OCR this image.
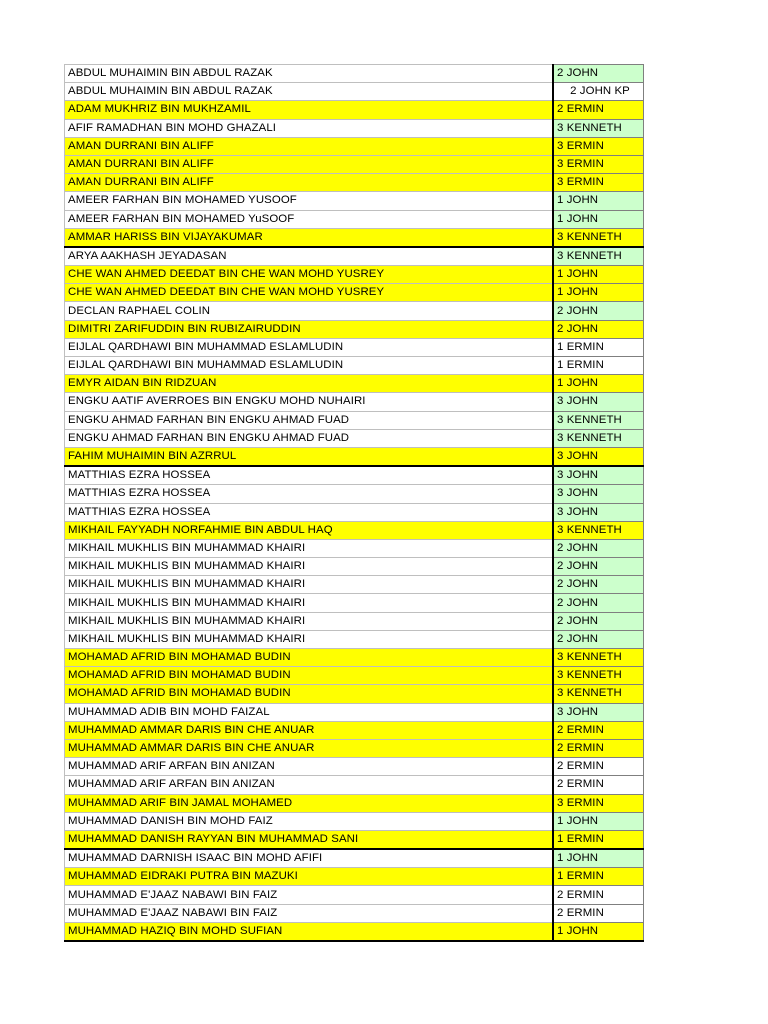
ABDUL MUHAIMIN BIN ABDUL RAZAK	2 JOHN
ABDUL MUHAIMIN BIN ABDUL RAZAK	2 JOHN KP
ADAM MUKHRIZ BIN MUKHZAMIL	2 ERMIN
AFIF RAMADHAN BIN MOHD GHAZALI	3 KENNETH
AMAN DURRANI BIN ALIFF	3 ERMIN
AMAN DURRANI BIN ALIFF	3 ERMIN
AMAN DURRANI BIN ALIFF	3 ERMIN
AMEER FARHAN BIN MOHAMED YUSOOF	1 JOHN
AMEER FARHAN BIN MOHAMED YuSOOF	1 JOHN
AMMAR HARISS BIN VIJAYAKUMAR	3 KENNETH
ARYA AAKHASH JEYADASAN	3 KENNETH
CHE WAN AHMED DEEDAT BIN CHE WAN MOHD YUSREY	1 JOHN
CHE WAN AHMED DEEDAT BIN CHE WAN MOHD YUSREY	1 JOHN
DECLAN RAPHAEL COLIN	2 JOHN
DIMITRI ZARIFUDDIN BIN RUBIZAIRUDDIN	2 JOHN
EIJLAL QARDHAWI BIN MUHAMMAD ESLAMLUDIN	1 ERMIN
EIJLAL QARDHAWI BIN MUHAMMAD ESLAMLUDIN	1 ERMIN
EMYR AIDAN BIN RIDZUAN	1 JOHN
ENGKU AATIF AVERROES BIN ENGKU MOHD NUHAIRI	3 JOHN
ENGKU AHMAD FARHAN BIN ENGKU AHMAD FUAD	3 KENNETH
ENGKU AHMAD FARHAN BIN ENGKU AHMAD FUAD	3 KENNETH
FAHIM MUHAIMIN BIN AZRRUL	3 JOHN
MATTHIAS EZRA HOSSEA	3 JOHN
MATTHIAS EZRA HOSSEA	3 JOHN
MATTHIAS EZRA HOSSEA	3 JOHN
MIKHAIL FAYYADH NORFAHMIE BIN ABDUL HAQ	3 KENNETH
MIKHAIL MUKHLIS BIN MUHAMMAD KHAIRI	2 JOHN
MIKHAIL MUKHLIS BIN MUHAMMAD KHAIRI	2 JOHN
MIKHAIL MUKHLIS BIN MUHAMMAD KHAIRI	2 JOHN
MIKHAIL MUKHLIS BIN MUHAMMAD KHAIRI	2 JOHN
MIKHAIL MUKHLIS BIN MUHAMMAD KHAIRI	2 JOHN
MIKHAIL MUKHLIS BIN MUHAMMAD KHAIRI	2 JOHN
MOHAMAD AFRID BIN MOHAMAD BUDIN	3 KENNETH
MOHAMAD AFRID BIN MOHAMAD BUDIN	3 KENNETH
MOHAMAD AFRID BIN MOHAMAD BUDIN	3 KENNETH
MUHAMMAD ADIB BIN MOHD FAIZAL	3 JOHN
MUHAMMAD AMMAR DARIS BIN CHE ANUAR	2 ERMIN
MUHAMMAD AMMAR DARIS BIN CHE ANUAR	2 ERMIN
MUHAMMAD ARIF ARFAN BIN ANIZAN	2 ERMIN
MUHAMMAD ARIF ARFAN BIN ANIZAN	2 ERMIN
MUHAMMAD ARIF BIN JAMAL MOHAMED	3 ERMIN
MUHAMMAD DANISH BIN MOHD FAIZ	1 JOHN
MUHAMMAD DANISH RAYYAN BIN MUHAMMAD SANI	1 ERMIN
MUHAMMAD DARNISH ISAAC BIN MOHD AFIFI	1 JOHN
MUHAMMAD EIDRAKI PUTRA BIN MAZUKI	1 ERMIN
MUHAMMAD E'JAAZ NABAWI BIN FAIZ	2 ERMIN
MUHAMMAD E'JAAZ NABAWI BIN FAIZ	2 ERMIN
MUHAMMAD HAZIQ BIN MOHD SUFIAN	1 JOHN
